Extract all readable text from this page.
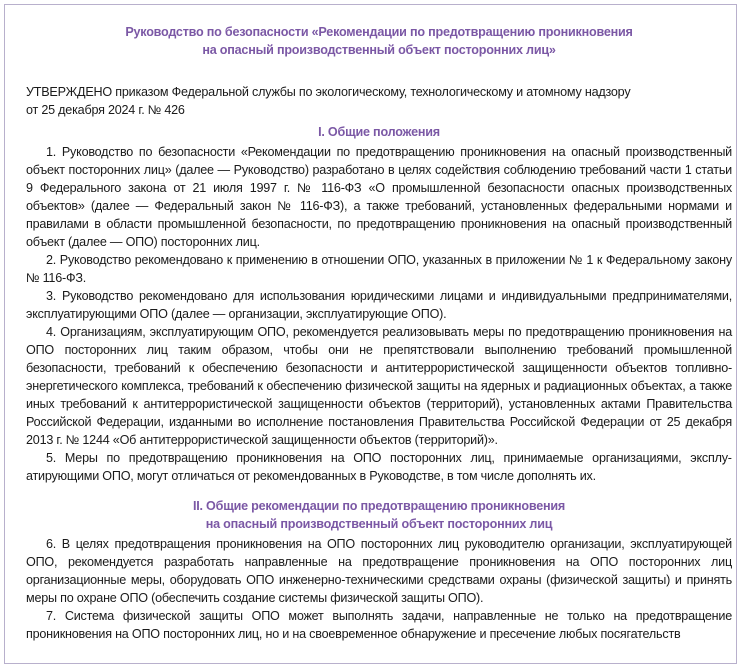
Руководство по безопасности «Рекомендации по предотвращению проникновения
на опасный производственный объект посторонних лиц»
УТВЕРЖДЕНО приказом Федеральной службы по экологическому, технологическому и атомному надзору
от 25 декабря 2024 г. № 426
I. Общие положения

1. Руководство по безопасности «Рекомендации по предотвращению проникновения на опасный производственный объект посторонних лиц» (далее — Руководство) разработано в целях содействия соблюдению требований части 1 статьи 9 Федерального закона от 21 июля 1997 г. № 116-ФЗ «О промышленной безопасности опасных производственных объектов» (далее — Федеральный закон № 116-ФЗ), а также требований, установленных федеральными нормами и правилами в области промышленной безопасности, по предотвращению проникновения на опасный производственный объект (далее — ОПО) посторонних лиц.

2. Руководство рекомендовано к применению в отношении ОПО, указанных в приложении № 1 к Федеральному закону № 116-ФЗ.

3. Руководство рекомендовано для использования юридическими лицами и индивидуальными предпринимателями, эксплуатирующими ОПО (далее — организации, эксплуатирующие ОПО).

4. Организациям, эксплуатирующим ОПО, рекомендуется реализовывать меры по предотвращению проникновения на ОПО посторонних лиц таким образом, чтобы они не препятствовали выполнению требований промышленной безопасности, требований к обеспечению безопасности и антитеррористической защищенности объектов топливно-энергетического комплекса, требований к обеспечению физической защиты на ядерных и радиационных объектах, а также иных требований к антитеррористической защищенности объектов (территорий), установленных актами Правительства Российской Федерации, изданными во исполнение постановления Правительства Российской Федерации от 25 декабря 2013 г. № 1244 «Об антитеррористической защищенности объектов (территорий)».

5. Меры по предотвращению проникновения на ОПО посторонних лиц, принимаемые организациями, эксплуатирующими ОПО, могут отличаться от рекомендованных в Руководстве, в том числе дополнять их.

II. Общие рекомендации по предотвращению проникновения
на опасный производственный объект посторонних лиц

6. В целях предотвращения проникновения на ОПО посторонних лиц руководителю организации, эксплуатирующей ОПО, рекомендуется разработать направленные на предотвращение проникновения на ОПО посторонних лиц организационные меры, оборудовать ОПО инженерно-техническими средствами охраны (физической защиты) и принять меры по охране ОПО (обеспечить создание системы физической защиты ОПО).

7. Система физической защиты ОПО может выполнять задачи, направленные не только на предотвращение проникновения на ОПО посторонних лиц, но и на своевременное обнаружение и пресечение любых посягательств
